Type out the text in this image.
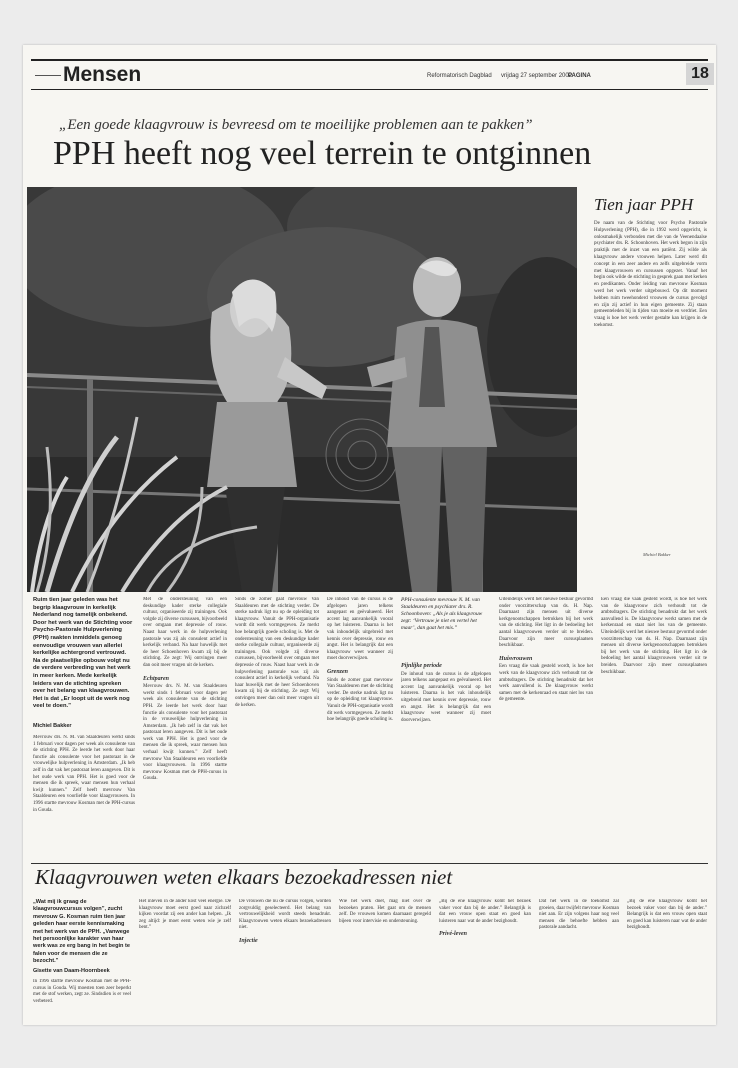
Mensen	Reformatorisch Dagblad vrijdag 27 september 2002
PAGINA	18
„Een goede klaagvrouw is bevreesd om te moeilijke problemen aan te pakken”
PPH heeft nog veel terrein te ontginnen
Tien jaar PPH
De naam van de Stichting voor Psycho Pastorale Hulpverlening (PPH), die in 1992 werd opgericht, is onlosmakelijk verbonden met die van de Veenendaalse psychiater drs. R. Schoonhoven. Het werk begon in zijn praktijk met de inzet van een patiënt. Zij wilde als klaagvrouw andere vrouwen helpen. Later werd dit concept in een zeer andere en zelfs uitgebreide vorm met klaagvrouwen en cursussen opgezet. Vanaf het begin ook wilde de stichting in gesprek gaan met kerken en predikanten. Onder leiding van mevrouw Kosman werd het werk verder uitgebouwd. Op dit moment hebben ruim tweehonderd vrouwen de cursus gevolgd en zijn zij actief in hun eigen gemeente. Zij staan gemeenteleden bij in tijden van moeite en verdriet. Een vraag is hoe het werk verder gestalte kan krijgen in de toekomst.
Michiel Bakker
Ruim tien jaar geleden was het begrip klaagvrouw in kerkelijk Nederland nog tamelijk onbekend. Door het werk van de Stichting voor Psycho-Pastorale Hulpverlening (PPH) raakten inmiddels genoeg eenvoudige vrouwen van allerlei kerkelijke achtergrond vertrouwd. Na de plaatselijke opbouw volgt nu de verdere verbreding van het werk in meer kerken. Mede kerkelijk leiders van de stichting spreken over het belang van klaagvrouwen. Het is dat „Er loopt uit de werk nog veel te doen.”
Michiel Bakker
Mevrouw drs. N. M. van Staaldeuren werkt sinds 1 februari voor dagen per week als consulente van de stichting PPH. Ze leerde het werk door haar functie als consulente voor het pastoraat in de vrouwelijke hulpverlening in Amsterdam. „Ik heb zelf in dat vak het pastoraat leren aangeven. Dit is het oude werk van PPH. Het is goed voor de mensen die ik spreek, waar mensen hun verhaal kwijt kunnen.” Zelf heeft mevrouw Van Staaldeuren een voorliefde voor klaagvrouwen. In 1996 startte mevrouw Kosman met de PPH-cursus in Gouda.
Met de ondersteuning van een deskundige kader sterke collegiale cultuur, organiseerde zij trainingen. Ook volgde zij diverse cursussen, bijvoorbeeld over omgaan met depressie of rouw. Naast haar werk in de hulpverlening pastorale was zij als consulent actief in kerkelijk verband. Na haar huwelijk met de heer Schoenhoven kwam zij bij de stichting. Ze zegt: Wij ontvingen meer dan ooit meer vragen uit de kerken.
Echtparen
Mevrouw drs. N. M. van Staaldeuren werkt sinds 1 februari voor dagen per week als consulente van de stichting PPH. Ze leerde het werk door haar functie als consulente voor het pastoraat in de vrouwelijke hulpverlening in Amsterdam. „Ik heb zelf in dat vak het pastoraat leren aangeven. Dit is het oude werk van PPH. Het is goed voor de mensen die ik spreek, waar mensen hun verhaal kwijt kunnen.” Zelf heeft mevrouw Van Staaldeuren een voorliefde voor klaagvrouwen. In 1996 startte mevrouw Kosman met de PPH-cursus in Gouda.
Sinds de zomer gaat mevrouw Van Staaldeuren met de stichting verder. De sterke nadruk ligt nu op de opleiding tot klaagvrouw. Vanuit de PPH-organisatie wordt dit werk vormgegeven. Ze merkt hoe belangrijk goede scholing is. Met de ondersteuning van een deskundige kader sterke collegiale cultuur, organiseerde zij trainingen. Ook volgde zij diverse cursussen, bijvoorbeeld over omgaan met depressie of rouw. Naast haar werk in de hulpverlening pastorale was zij als consulent actief in kerkelijk verband. Na haar huwelijk met de heer Schoenhoven kwam zij bij de stichting. Ze zegt: Wij ontvingen meer dan ooit meer vragen uit de kerken.
De inhoud van de cursus is de afgelopen jaren telkens aangepast en geëvalueerd. Het accent lag aanvankelijk vooral op het luisteren. Daarna is het vak inhoudelijk uitgebreid met kennis over depressie, rouw en angst. Het is belangrijk dat een klaagvrouw weet wanneer zij moet doorverwijzen.
Grenzen
Sinds de zomer gaat mevrouw Van Staaldeuren met de stichting verder. De sterke nadruk ligt nu op de opleiding tot klaagvrouw. Vanuit de PPH-organisatie wordt dit werk vormgegeven. Ze merkt hoe belangrijk goede scholing is.
PPH-consulente mevrouw N. M. van Staaldeuren en psychiater drs. R. Schoonhoven: „Als je als klaagvrouw zegt: ‘Vertrouw je niet en vertel het maar’, dan gaat het mis.”
Pijnlijke periode
De inhoud van de cursus is de afgelopen jaren telkens aangepast en geëvalueerd. Het accent lag aanvankelijk vooral op het luisteren. Daarna is het vak inhoudelijk uitgebreid met kennis over depressie, rouw en angst. Het is belangrijk dat een klaagvrouw weet wanneer zij moet doorverwijzen.
Uiteindelijk werd het nieuwe bestuur gevormd onder voorzitterschap van ds. H. Nap. Daarnaast zijn mensen uit diverse kerkgenootschappen betrokken bij het werk van de stichting. Het ligt in de bedoeling het aantal klaagvrouwen verder uit te breiden. Daarvoor zijn meer cursusplaatsen beschikbaar.
Huisvrouwen
Een vraag die vaak gesteld wordt, is hoe het werk van de klaagvrouw zich verhoudt tot de ambtsdragers. De stichting benadrukt dat het werk aanvullend is. De klaagvrouw werkt samen met de kerkenraad en staat niet los van de gemeente.
Een vraag die vaak gesteld wordt, is hoe het werk van de klaagvrouw zich verhoudt tot de ambtsdragers. De stichting benadrukt dat het werk aanvullend is. De klaagvrouw werkt samen met de kerkenraad en staat niet los van de gemeente. Uiteindelijk werd het nieuwe bestuur gevormd onder voorzitterschap van ds. H. Nap. Daarnaast zijn mensen uit diverse kerkgenootschappen betrokken bij het werk van de stichting. Het ligt in de bedoeling het aantal klaagvrouwen verder uit te breiden. Daarvoor zijn meer cursusplaatsen beschikbaar.
Klaagvrouwen weten elkaars bezoekadressen niet
„Wat mij ik graag de klaagvrouwcursus volgen”, zucht mevrouw G. Kosman ruim tien jaar geleden haar eerste kennismaking met het werk van de PPH. „Vanwege het persoonlijke karakter van haar werk was ze erg bang in het begin te falen voor de mensen die ze bezocht.”
Gisette van Daam-Hoornbeek
In 1996 startte mevrouw Kosman met de PPH-cursus in Gouda. Wij moesten toen zeer beperkt met de stof werken, zegt ze. Sindsdien is er veel verbeterd.
Het inleven in de ander kost veel energie. De klaagvrouw moet eerst goed naar zichzelf kijken voordat zij een ander kan helpen. „Ik zeg altijd: je moet eerst weten wie je zelf bent.”
De vrouwen die nu de cursus volgen, worden zorgvuldig geselecteerd. Het belang van vertrouwelijkheid wordt steeds benadrukt. Klaagvrouwen weten elkaars bezoekadressen niet.
Injectie
Wie het werk doet, mag niet over de bezoeken praten. Het gaat om de mensen zelf. De vrouwen komen daarnaast geregeld bijeen voor intervisie en ondersteuning.
„Bij de ene klaagvrouw komt het bezoek vaker voor dan bij de ander.” Belangrijk is dat een vrouw open staat en goed kan luisteren naar wat de ander bezighoudt.
Privé-leven
Dat het werk in de toekomst zal groeien, daar twijfelt mevrouw Kosman niet aan. Er zijn volgens haar nog veel mensen die behoefte hebben aan pastorale aandacht.
„Bij de ene klaagvrouw komt het bezoek vaker voor dan bij de ander.” Belangrijk is dat een vrouw open staat en goed kan luisteren naar wat de ander bezighoudt.
